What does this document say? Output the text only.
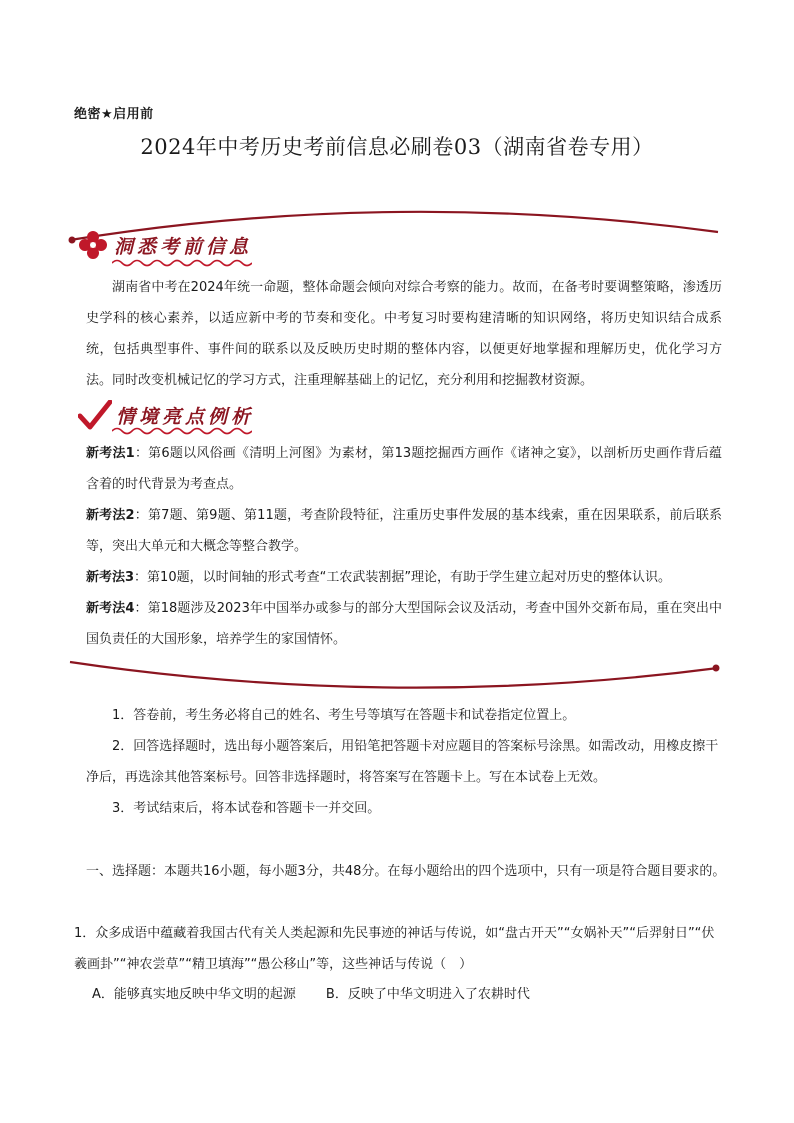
绝密★启用前
2024年中考历史考前信息必刷卷03（湖南省卷专用）
洞悉考前信息
湖南省中考在2024年统一命题，整体命题会倾向对综合考察的能力。故而，在备考时要调整策略，渗透历史学科的核心素养，以适应新中考的节奏和变化。中考复习时要构建清晰的知识网络，将历史知识结合成系统，包括典型事件、事件间的联系以及反映历史时期的整体内容，以便更好地掌握和理解历史，优化学习方法。同时改变机械记忆的学习方式，注重理解基础上的记忆，充分利用和挖掘教材资源。
情境亮点例析
新考法1：第6题以风俗画《清明上河图》为素材，第13题挖掘西方画作《诸神之宴》，以剖析历史画作背后蕴含着的时代背景为考查点。
新考法2：第7题、第9题、第11题，考查阶段特征，注重历史事件发展的基本线索，重在因果联系，前后联系等，突出大单元和大概念等整合教学。
新考法3：第10题，以时间轴的形式考查“工农武装割据”理论，有助于学生建立起对历史的整体认识。
新考法4：第18题涉及2023年中国举办或参与的部分大型国际会议及活动，考查中国外交新布局，重在突出中国负责任的大国形象，培养学生的家国情怀。
1．答卷前，考生务必将自己的姓名、考生号等填写在答题卡和试卷指定位置上。
2．回答选择题时，选出每小题答案后，用铅笔把答题卡对应题目的答案标号涂黑。如需改动，用橡皮擦干净后，再选涂其他答案标号。回答非选择题时，将答案写在答题卡上。写在本试卷上无效。
3．考试结束后，将本试卷和答题卡一并交回。
一、选择题：本题共16小题，每小题3分，共48分。在每小题给出的四个选项中，只有一项是符合题目要求的。
1．众多成语中蕴藏着我国古代有关人类起源和先民事迹的神话与传说，如“盘古开天”“女娲补天”“后羿射日”“伏羲画卦”“神农尝草”“精卫填海”“愚公移山”等，这些神话与传说（　）
A．能够真实地反映中华文明的起源 B．反映了中华文明进入了农耕时代
